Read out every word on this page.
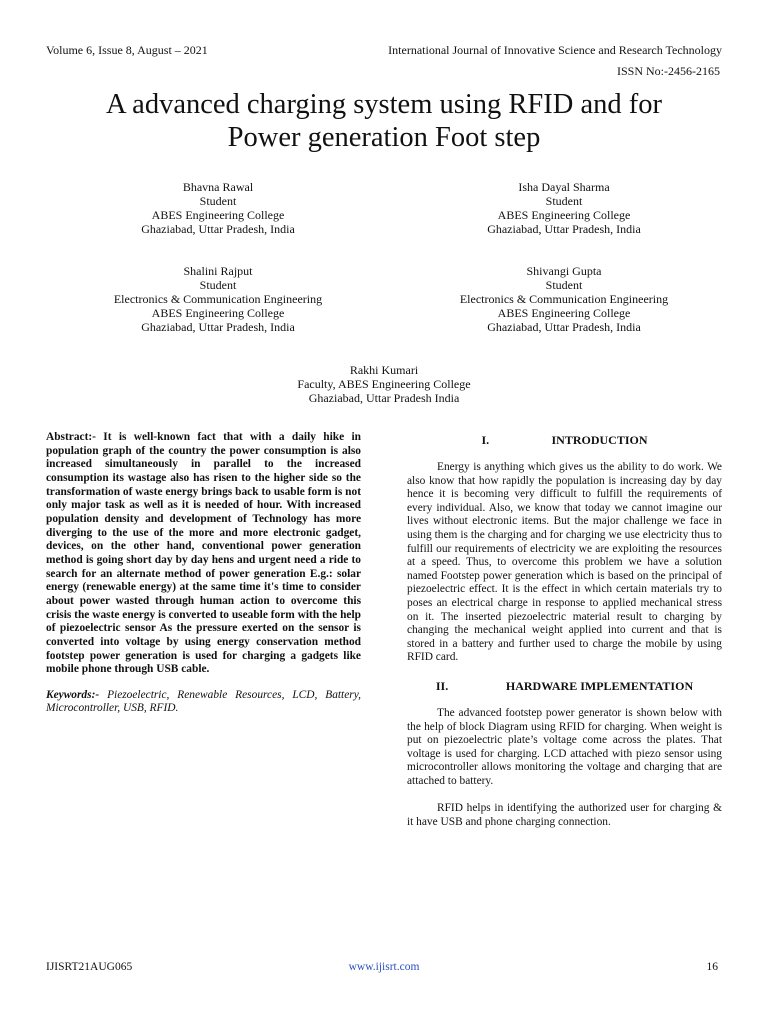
Volume 6, Issue 8, August – 2021	International Journal of Innovative Science and Research Technology
ISSN No:-2456-2165
A advanced charging system using RFID and for
Power generation Foot step
Bhavna Rawal
Student
ABES Engineering College
Ghaziabad, Uttar Pradesh, India
Isha Dayal Sharma
Student
ABES Engineering College
Ghaziabad, Uttar Pradesh, India
Shalini Rajput
Student
Electronics & Communication Engineering
ABES Engineering College
Ghaziabad, Uttar Pradesh, India
Shivangi Gupta
Student
Electronics & Communication Engineering
ABES Engineering College
Ghaziabad, Uttar Pradesh, India
Rakhi Kumari
Faculty, ABES Engineering College
Ghaziabad, Uttar Pradesh India

Abstract:- It is well-known fact that with a daily hike in population graph of the country the power consumption is also increased simultaneously in parallel to the increased consumption its wastage also has risen to the higher side so the transformation of waste energy brings back to usable form is not only major task as well as it is needed of hour. With increased population density and development of Technology has more diverging to the use of the more and more electronic gadget, devices, on the other hand, conventional power generation method is going short day by day hens and urgent need a ride to search for an alternate method of power generation E.g.: solar energy (renewable energy) at the same time it's time to consider about power wasted through human action to overcome this crisis the waste energy is converted to useable form with the help of piezoelectric sensor As the pressure exerted on the sensor is converted into voltage by using energy conservation method footstep power generation is used for charging a gadgets like mobile phone through USB cable.

Keywords:- Piezoelectric, Renewable Resources, LCD, Battery, Microcontroller, USB, RFID.

I.	INTRODUCTION

Energy is anything which gives us the ability to do work. We also know that how rapidly the population is increasing day by day hence it is becoming very difficult to fulfill the requirements of every individual. Also, we know that today we cannot imagine our lives without electronic items. But the major challenge we face in using them is the charging and for charging we use electricity thus to fulfill our requirements of electricity we are exploiting the resources at a speed. Thus, to overcome this problem we have a solution named Footstep power generation which is based on the principal of piezoelectric effect. It is the effect in which certain materials try to poses an electrical charge in response to applied mechanical stress on it. The inserted piezoelectric material result to charging by changing the mechanical weight applied into current and that is stored in a battery and further used to charge the mobile by using RFID card.

II.	HARDWARE IMPLEMENTATION

The advanced footstep power generator is shown below with the help of block Diagram using RFID for charging. When weight is put on piezoelectric plate’s voltage come across the plates. That voltage is used for charging. LCD attached with piezo sensor using microcontroller allows monitoring the voltage and charging that are attached to battery.

RFID helps in identifying the authorized user for charging & it have USB and phone charging connection.

IJISRT21AUG065	www.ijisrt.com	16
